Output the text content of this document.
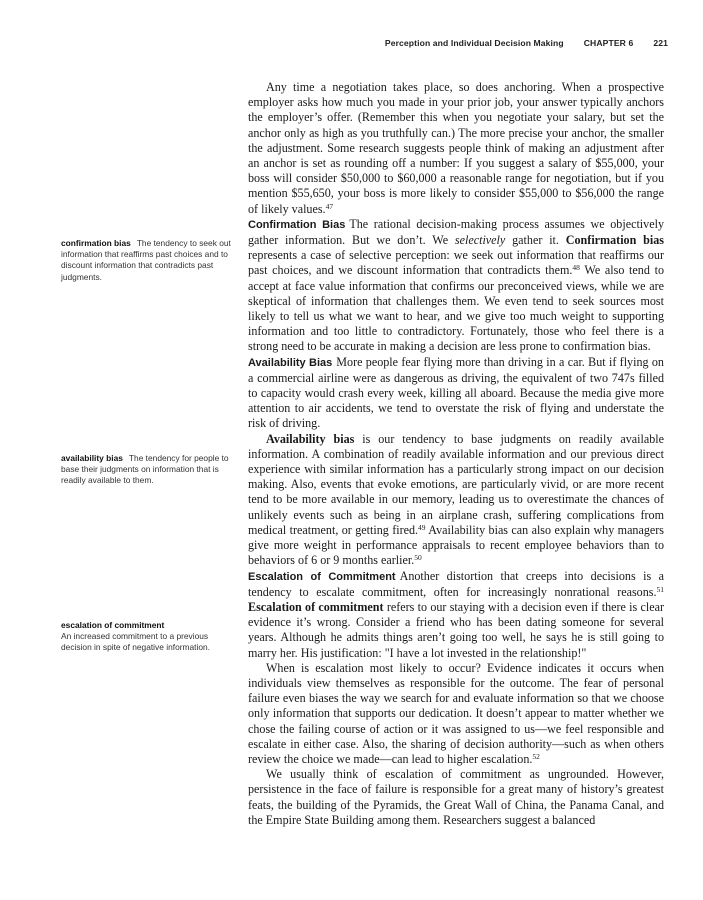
Perception and Individual Decision Making CHAPTER 6 221
confirmation bias The tendency to seek out information that reaffirms past choices and to discount information that contradicts past judgments.
availability bias The tendency for people to base their judgments on information that is readily available to them.
escalation of commitment
An increased commitment to a previous decision in spite of negative information.

Any time a negotiation takes place, so does anchoring. When a prospective employer asks how much you made in your prior job, your answer typically anchors the employer’s offer. (Remember this when you negotiate your salary, but set the anchor only as high as you truthfully can.) The more precise your anchor, the smaller the adjustment. Some research suggests people think of making an adjustment after an anchor is set as rounding off a number: If you suggest a salary of $55,000, your boss will consider $50,000 to $60,000 a reasonable range for negotiation, but if you mention $55,650, your boss is more likely to consider $55,000 to $56,000 the range of likely values.$^{47}$

Confirmation Bias The rational decision-making process assumes we objectively gather information. But we don’t. We selectively gather it. Confirmation bias represents a case of selective perception: we seek out information that reaffirms our past choices, and we discount information that contradicts them.$^{48}$ We also tend to accept at face value information that confirms our preconceived views, while we are skeptical of information that challenges them. We even tend to seek sources most likely to tell us what we want to hear, and we give too much weight to supporting information and too little to contradictory. Fortunately, those who feel there is a strong need to be accurate in making a decision are less prone to confirmation bias.

Availability Bias More people fear flying more than driving in a car. But if flying on a commercial airline were as dangerous as driving, the equivalent of two 747s filled to capacity would crash every week, killing all aboard. Because the media give more attention to air accidents, we tend to overstate the risk of flying and understate the risk of driving.

Availability bias is our tendency to base judgments on readily available information. A combination of readily available information and our previous direct experience with similar information has a particularly strong impact on our decision making. Also, events that evoke emotions, are particularly vivid, or are more recent tend to be more available in our memory, leading us to overestimate the chances of unlikely events such as being in an airplane crash, suffering complications from medical treatment, or getting fired.$^{49}$ Availability bias can also explain why managers give more weight in performance appraisals to recent employee behaviors than to behaviors of 6 or 9 months earlier.$^{50}$

Escalation of Commitment Another distortion that creeps into decisions is a tendency to escalate commitment, often for increasingly nonrational reasons.$^{51}$ Escalation of commitment refers to our staying with a decision even if there is clear evidence it’s wrong. Consider a friend who has been dating someone for several years. Although he admits things aren’t going too well, he says he is still going to marry her. His justification: "I have a lot invested in the relationship!"

When is escalation most likely to occur? Evidence indicates it occurs when individuals view themselves as responsible for the outcome. The fear of personal failure even biases the way we search for and evaluate information so that we choose only information that supports our dedication. It doesn’t appear to matter whether we chose the failing course of action or it was assigned to us—we feel responsible and escalate in either case. Also, the sharing of decision authority—such as when others review the choice we made—can lead to higher escalation.$^{52}$

We usually think of escalation of commitment as ungrounded. However, persistence in the face of failure is responsible for a great many of history’s greatest feats, the building of the Pyramids, the Great Wall of China, the Panama Canal, and the Empire State Building among them. Researchers suggest a balanced
